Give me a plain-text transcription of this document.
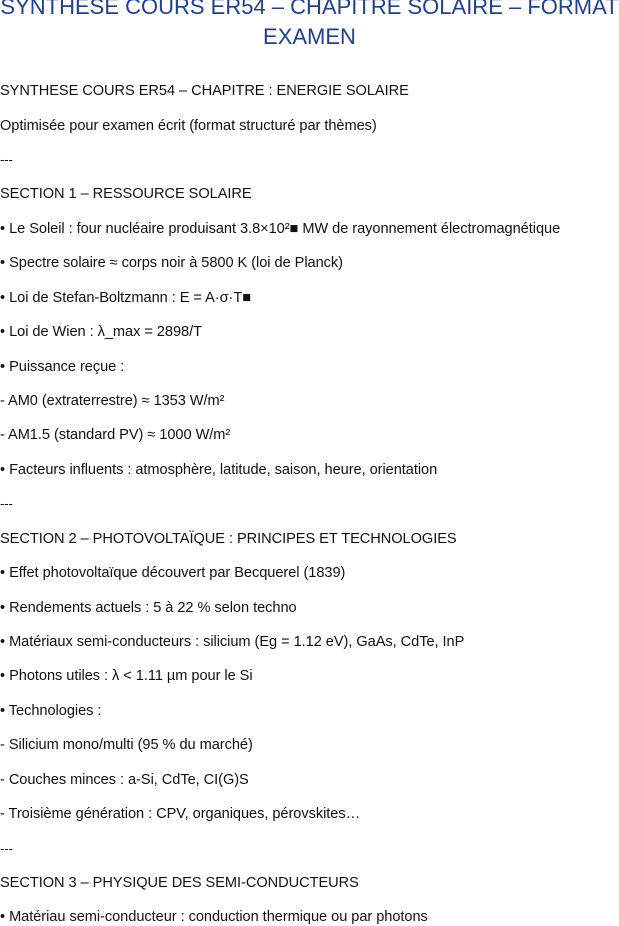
SYNTHESE COURS ER54 – CHAPITRE SOLAIRE – FORMAT
EXAMEN
SYNTHESE COURS ER54 – CHAPITRE : ENERGIE SOLAIRE
Optimisée pour examen écrit (format structuré par thèmes)
---
SECTION 1 – RESSOURCE SOLAIRE
• Le Soleil : four nucléaire produisant 3.8×10²■ MW de rayonnement électromagnétique
• Spectre solaire ≈ corps noir à 5800 K (loi de Planck)
• Loi de Stefan-Boltzmann : E = A·σ·T■
• Loi de Wien : λ_max = 2898/T
• Puissance reçue :
- AM0 (extraterrestre) ≈ 1353 W/m²
- AM1.5 (standard PV) ≈ 1000 W/m²
• Facteurs influents : atmosphère, latitude, saison, heure, orientation
---
SECTION 2 – PHOTOVOLTAÏQUE : PRINCIPES ET TECHNOLOGIES
• Effet photovoltaïque découvert par Becquerel (1839)
• Rendements actuels : 5 à 22 % selon techno
• Matériaux semi-conducteurs : silicium (Eg = 1.12 eV), GaAs, CdTe, InP
• Photons utiles : λ < 1.11 µm pour le Si
• Technologies :
- Silicium mono/multi (95 % du marché)
- Couches minces : a-Si, CdTe, CI(G)S
- Troisième génération : CPV, organiques, pérovskites…
---
SECTION 3 – PHYSIQUE DES SEMI-CONDUCTEURS
• Matériau semi-conducteur : conduction thermique ou par photons
